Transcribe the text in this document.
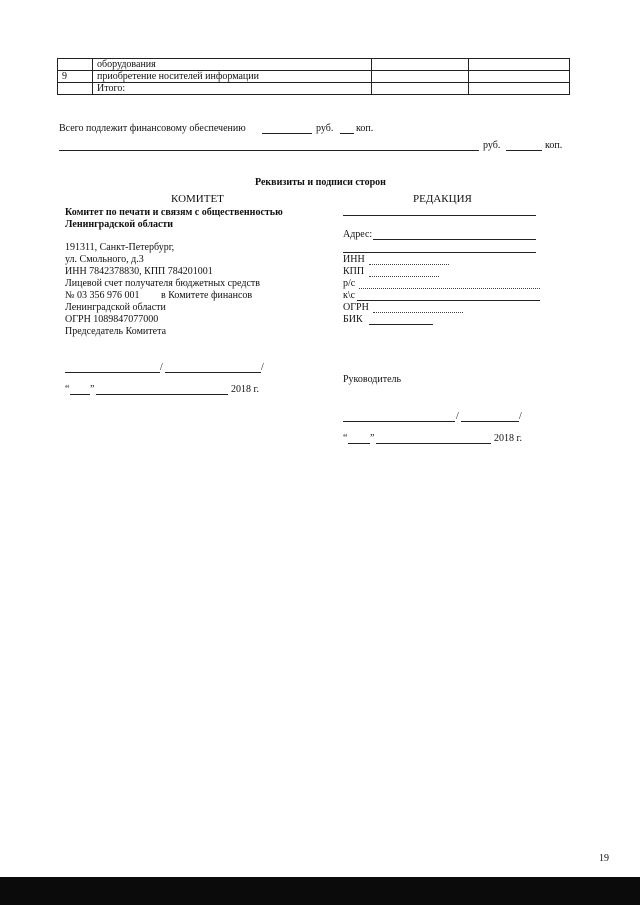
	оборудования		
9	приобретение носителей информации		
	Итого:		
Всего подлежит финансовому обеспечению	руб. коп.
руб.	коп.
Реквизиты и подписи сторон
КОМИТЕТ
Комитет по печати и связям с общественностью
Ленинградской области
191311, Санкт-Петербург,
ул. Смольного, д.3
ИНН 7842378830, КПП 784201001
Лицевой счет получателя бюджетных средств
№ 03 356 976 001 в Комитете финансов
Ленинградской области
ОГРН 1089847077000
Председатель Комитета
/	/
“ ”	2018 г.
РЕДАКЦИЯ
Адрес:
ИНН
КПП
р/с
к\с
ОГРН
БИК
Руководитель
/	/
“ ”	2018 г.
19
